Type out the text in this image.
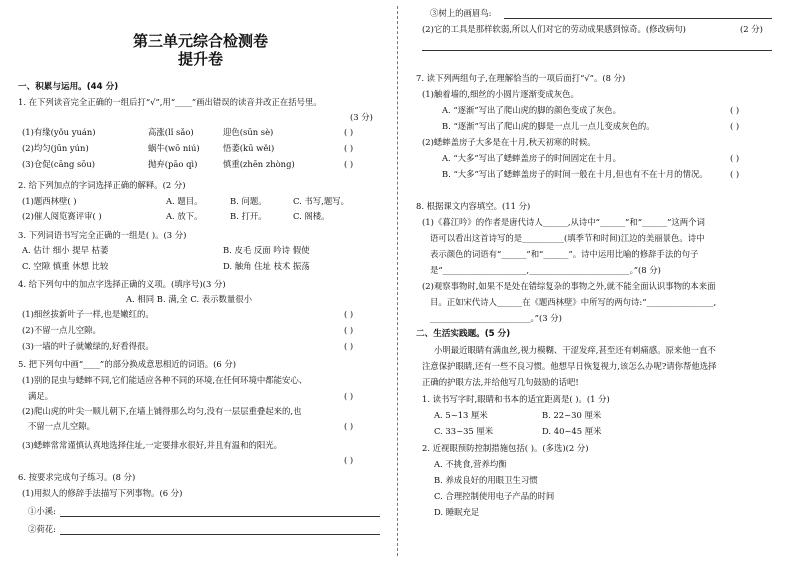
第三单元综合检测卷
提升卷
一、积累与运用。(44 分)
1. 在下列读音完全正确的一组后打“√”,用“____”画出错误的读音并改正在括号里。
(3 分)
(1)有缘(yǒu yuán)	高涨(lǐ sǎo)	迎色(sūn sè)	( )
(2)均匀(jūn yún)	蜗牛(wō niú)	悟萎(kū wěi)	( )
(3)仓促(cāng sōu)	抛弃(pāo qì)	慎重(zhēn zhòng)	( )
2. 给下列加点的字词选择正确的解释。(2 分)
(1)题西林壁( )	A. 题目。	B. 问题。	C. 书写,题写。
(2)催人阅览赛评审( )	A. 放下。	B. 打开。	C. 阁楼。
3. 下列词语书写完全正确的一组是( )。(3 分)
A. 估计 细小 提早 枯萎	B. 皮毛 反面 吟诗 假使
C. 空隙 慎重 休想 比较	D. 触角 住址 枝术 振荡
4. 给下列句中的加点字选择正确的义项。(填序号)(3 分)
A. 相同 B. 满,全 C. 表示数量很小
(1)细丝拔新叶子一样,也是嫩红的。	( )
(2)不留一点儿空隙。	( )
(3)一墙的叶子就嫩绿的,好看得很。	( )
5. 把下列句中画“____”的部分换成意思相近的词语。(6 分)
(1)别的昆虫与蟋蟀不同,它们能适应各种不同的环境,在任何环境中都能安心、
满足。	( )
(2)爬山虎的叶尖一顺儿朝下,在墙上铺得那么均匀,没有一层层重叠起来的,也
不留一点儿空隙。	( )
(3)蟋蟀常常谨慎认真地选择住址,一定要排水很好,并且有温和的阳光。
( )
6. 按要求完成句子练习。(8 分)
(1)用拟人的修辞手法描写下列事物。(6 分)
①小溪:
②荷花:
③树上的画眉鸟:
(2)它的工具是那样软弱,所以人们对它的劳动成果感到惊奇。(修改病句)	(2 分)
7. 读下列两组句子,在理解恰当的一项后面打“√”。(8 分)
(1)触着墙的,细丝的小圆片逐渐变成灰色。
A. “逐渐”写出了爬山虎的脚的颜色变成了灰色。	( )
B. “逐渐”写出了爬山虎的脚是一点儿一点儿变成灰色的。	( )
(2)蟋蟀盖房子大多是在十月,秋天初寒的时候。
A. “大多”写出了蟋蟀盖房子的时间固定在十月。	( )
B. “大多”写出了蟋蟀盖房子的时间一般在十月,但也有不在十月的情况。	( )
8. 根据课文内容填空。(11 分)
(1)《暮江吟》的作者是唐代诗人______,从诗中“______”和“______”这两个词
语可以看出这首诗写的是__________(填季节和时间)江边的美丽景色。诗中
表示颜色的词语有“______”和“______”。诗中运用比喻的修辞手法的句子
是“____________________,________________________。”(8 分)
(2)观察事物时,如果不是处在错综复杂的事物之外,就不能全面认识事物的本来面
目。正如宋代诗人______在《题西林壁》中所写的两句诗:“________________,
________________________。”(3 分)
二、生活实践题。(5 分)
小明最近眼睛有满血丝,视力模糊、干涩发痒,甚至还有刺痛感。原来他一直不
注意保护眼睛,还有一些不良习惯。他想早日恢复视力,该怎么办呢?请你帮他选择
正确的护眼方法,并给他写几句鼓励的话吧!
1. 读书写字时,眼睛和书本的适宜距离是( )。(1 分)
A. 5~13 厘米	B. 22~30 厘米
C. 33~35 厘米	D. 40~45 厘米
2. 近视眼预防控制措施包括( )。(多选)(2 分)
A. 不挑食,营养均衡
B. 养成良好的用眼卫生习惯
C. 合理控制使用电子产品的时间
D. 睡眠充足
